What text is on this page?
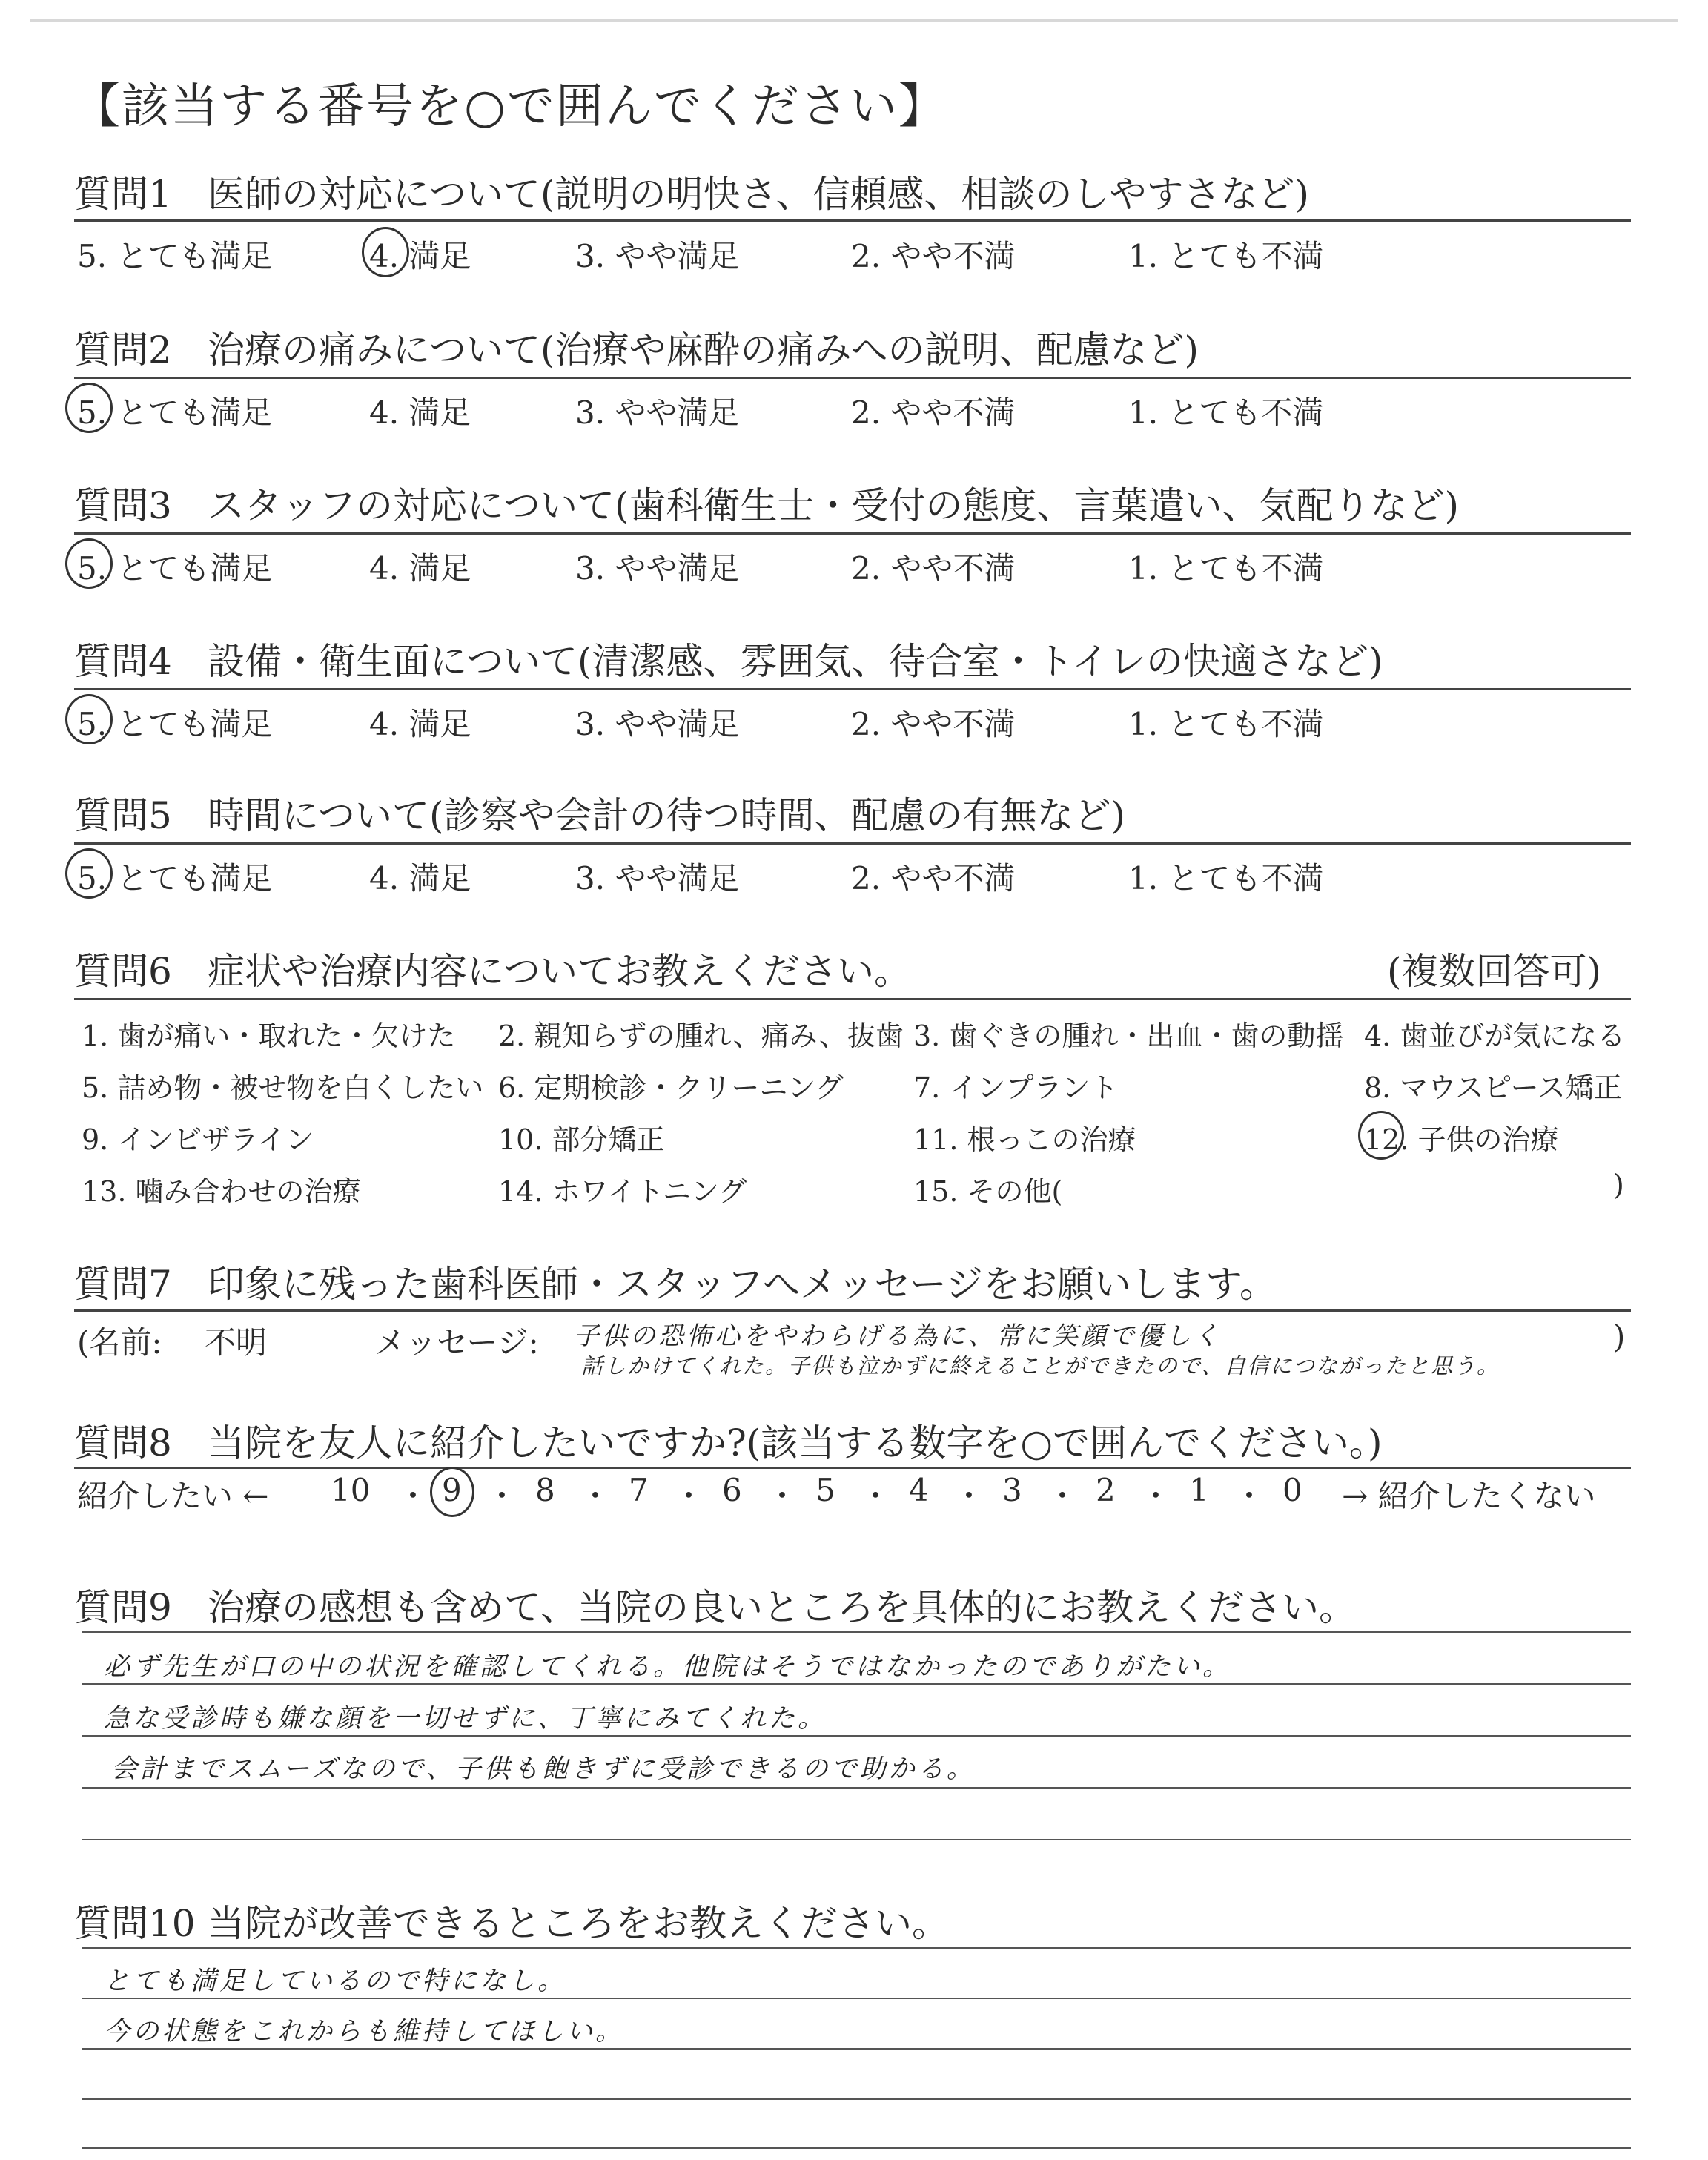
【該当する番号を○で囲んでください】
質問1 医師の対応について(説明の明快さ、信頼感、相談のしやすさなど)
5. とても満足	4. 満足	3. やや満足	2. やや不満	1. とても不満
質問2 治療の痛みについて(治療や麻酔の痛みへの説明、配慮など)
5. とても満足	4. 満足	3. やや満足	2. やや不満	1. とても不満
質問3 スタッフの対応について(歯科衛生士・受付の態度、言葉遣い、気配りなど)
5. とても満足	4. 満足	3. やや満足	2. やや不満	1. とても不満
質問4 設備・衛生面について(清潔感、雰囲気、待合室・トイレの快適さなど)
5. とても満足	4. 満足	3. やや満足	2. やや不満	1. とても不満
質問5 時間について(診察や会計の待つ時間、配慮の有無など)
5. とても満足	4. 満足	3. やや満足	2. やや不満	1. とても不満
質問6 症状や治療内容についてお教えください。	(複数回答可)
1. 歯が痛い・取れた・欠けた 2. 親知らずの腫れ、痛み、抜歯 3. 歯ぐきの腫れ・出血・歯の動揺 4. 歯並びが気になる
5. 詰め物・被せ物を白くしたい 6. 定期検診・クリーニング 7. インプラント	8. マウスピース矯正
9. インビザライン	10. 部分矯正	11. 根っこの治療	12. 子供の治療
13. 噛み合わせの治療	14. ホワイトニング	15. その他(	)
質問7 印象に残った歯科医師・スタッフへメッセージをお願いします。
(名前: 不明	メッセージ:	)
子供の恐怖心をやわらげる為に、常に笑顔で優しく
話しかけてくれた。子供も泣かずに終えることができたので、自信につながったと思う。
質問8 当院を友人に紹介したいですか?(該当する数字を○で囲んでください。)
紹介したい ← 10 ・ 9 ・ 8 ・ 7 ・ 6 ・ 5 ・ 4 ・ 3 ・ 2 ・ 1 ・ 0 → 紹介したくない
質問9 治療の感想も含めて、当院の良いところを具体的にお教えください。
必ず先生が口の中の状況を確認してくれる。他院はそうではなかったのでありがたい。
急な受診時も嫌な顔を一切せずに、丁寧にみてくれた。
会計までスムーズなので、子供も飽きずに受診できるので助かる。
質問10 当院が改善できるところをお教えください。
とても満足しているので特になし。
今の状態をこれからも維持してほしい。
